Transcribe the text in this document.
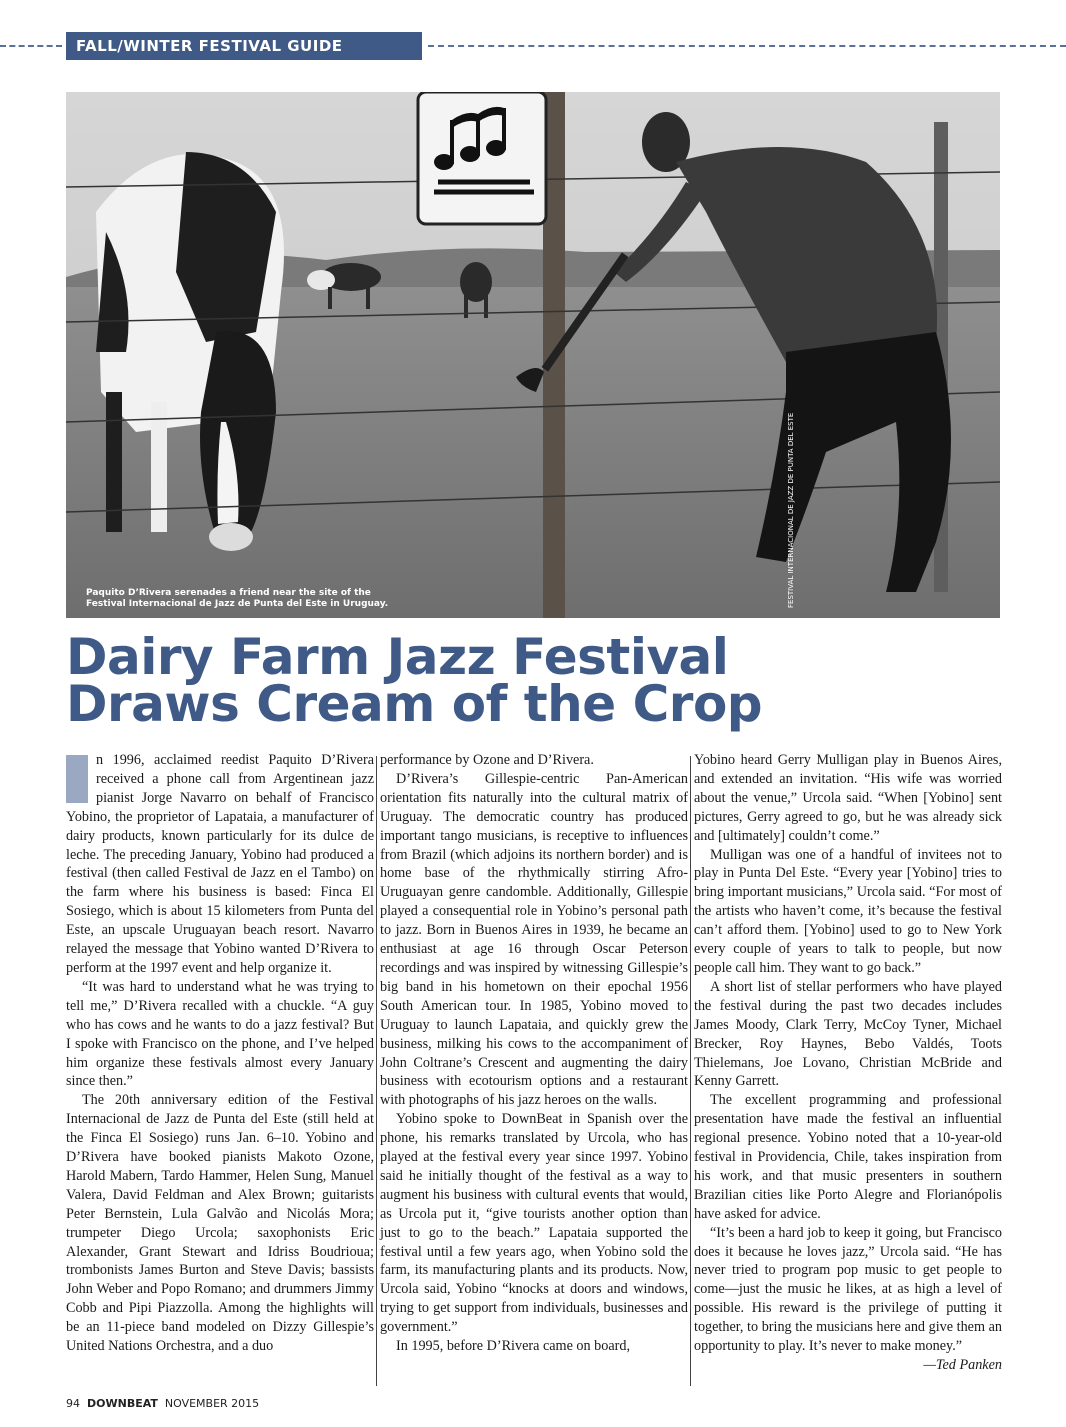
FALL/WINTER FESTIVAL GUIDE 2015–’16
Paquito D’Rivera serenades a friend near the site of the
Festival Internacional de Jazz de Punta del Este in Uruguay.	FESTIVAL INTERNACIONAL DE JAZZ DE PUNTA DEL ESTE
Dairy Farm Jazz Festival
Draws Cream of the Crop

n 1996, acclaimed reedist Paquito D’Rivera received a phone call from Argentinean jazz pianist Jorge Navarro on behalf of Francisco Yobino, the proprietor of Lapataia, a manufacturer of dairy products, known particularly for its dulce de leche. The preceding January, Yobino had produced a festival (then called Festival de Jazz en el Tambo) on the farm where his business is based: Finca El Sosiego, which is about 15 kilometers from Punta del Este, an upscale Uruguayan beach resort. Navarro relayed the message that Yobino wanted D’Rivera to perform at the 1997 event and help organize it.

“It was hard to understand what he was trying to tell me,” D’Rivera recalled with a chuckle. “A guy who has cows and he wants to do a jazz festival? But I spoke with Francisco on the phone, and I’ve helped him organize these festivals almost every January since then.”

The 20th anniversary edition of the Festival Internacional de Jazz de Punta del Este (still held at the Finca El Sosiego) runs Jan. 6–10. Yobino and D’Rivera have booked pianists Makoto Ozone, Harold Mabern, Tardo Hammer, Helen Sung, Manuel Valera, David Feldman and Alex Brown; guitarists Peter Bernstein, Lula Galvão and Nicolás Mora; trumpeter Diego Urcola; saxophonists Eric Alexander, Grant Stewart and Idriss Boudrioua; trombonists James Burton and Steve Davis; bassists John Weber and Popo Romano; and drummers Jimmy Cobb and Pipi Piazzolla. Among the highlights will be an 11-piece band modeled on Dizzy Gillespie’s United Nations Orchestra, and a duo

performance by Ozone and D’Rivera.

D’Rivera’s Gillespie-centric Pan-American orientation fits naturally into the cultural matrix of Uruguay. The democratic country has produced important tango musicians, is receptive to influences from Brazil (which adjoins its northern border) and is home base of the rhythmically stirring Afro-Uruguayan genre candomble. Additionally, Gillespie played a consequential role in Yobino’s personal path to jazz. Born in Buenos Aires in 1939, he became an enthusiast at age 16 through Oscar Peterson recordings and was inspired by witnessing Gillespie’s big band in his hometown on their epochal 1956 South American tour. In 1985, Yobino moved to Uruguay to launch Lapataia, and quickly grew the business, milking his cows to the accompaniment of John Coltrane’s Crescent and augmenting the dairy business with ecotourism options and a restaurant with photographs of his jazz heroes on the walls.

Yobino spoke to DownBeat in Spanish over the phone, his remarks translated by Urcola, who has played at the festival every year since 1997. Yobino said he initially thought of the festival as a way to augment his business with cultural events that would, as Urcola put it, “give tourists another option than just to go to the beach.” Lapataia supported the festival until a few years ago, when Yobino sold the farm, its manufacturing plants and its products. Now, Urcola said, Yobino “knocks at doors and windows, trying to get support from individuals, businesses and government.”

In 1995, before D’Rivera came on board,

Yobino heard Gerry Mulligan play in Buenos Aires, and extended an invitation. “His wife was worried about the venue,” Urcola said. “When [Yobino] sent pictures, Gerry agreed to go, but he was already sick and [ultimately] couldn’t come.”

Mulligan was one of a handful of invitees not to play in Punta Del Este. “Every year [Yobino] tries to bring important musicians,” Urcola said. “For most of the artists who haven’t come, it’s because the festival can’t afford them. [Yobino] used to go to New York every couple of years to talk to people, but now people call him. They want to go back.”

A short list of stellar performers who have played the festival during the past two decades includes James Moody, Clark Terry, McCoy Tyner, Michael Brecker, Roy Haynes, Bebo Valdés, Toots Thielemans, Joe Lovano, Christian McBride and Kenny Garrett.

The excellent programming and professional presentation have made the festival an influential regional presence. Yobino noted that a 10-year-old festival in Providencia, Chile, takes inspiration from his work, and that music presenters in southern Brazilian cities like Porto Alegre and Florianópolis have asked for advice.

“It’s been a hard job to keep it going, but Francisco does it because he loves jazz,” Urcola said. “He has never tried to program pop music to get people to come—just the music he likes, at as high a level of possible. His reward is the privilege of putting it together, to bring the musicians here and give them an opportunity to play. It’s never to make money.”
—Ted Panken

94 DOWNBEAT NOVEMBER 2015
